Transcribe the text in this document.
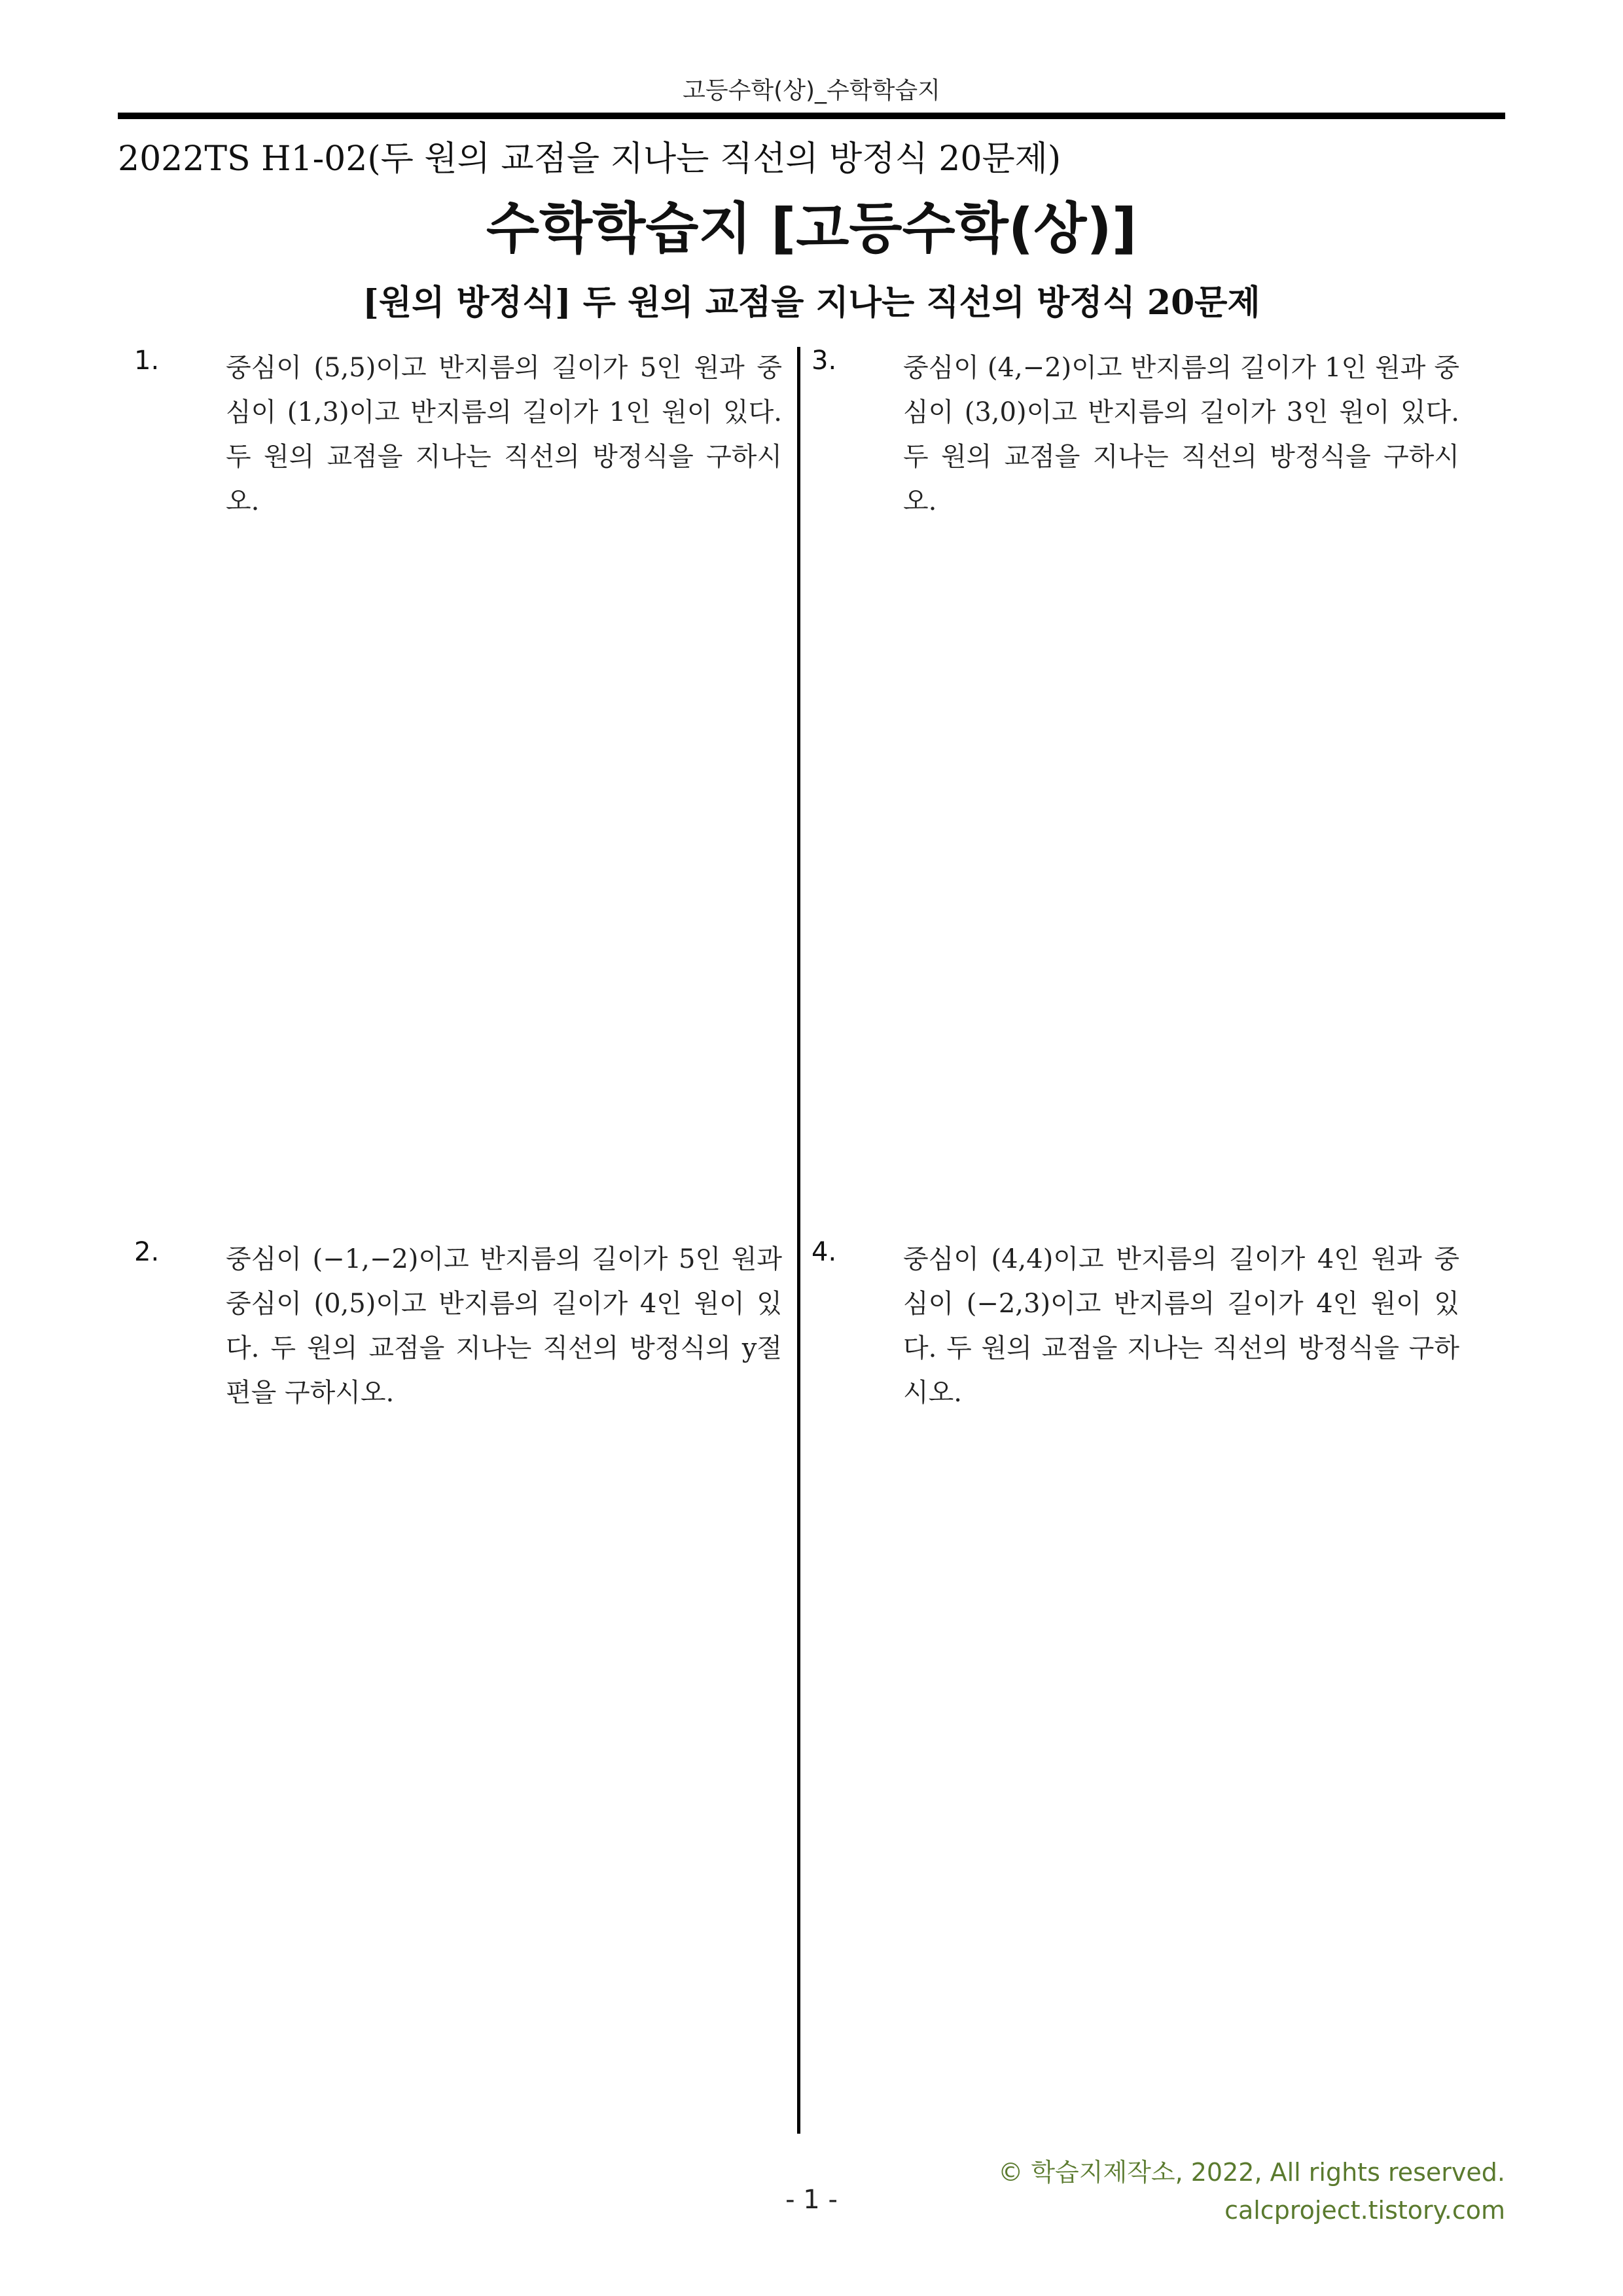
고등수학(상)_수학학습지
2022TS H1-02(두 원의 교점을 지나는 직선의 방정식 20문제)
수학학습지 [고등수학(상)]
[원의 방정식] 두 원의 교점을 지나는 직선의 방정식 20문제
1.	중심이 (5,5)이고 반지름의 길이가 5인 원과 중심이 (1,3)이고 반지름의 길이가 1인 원이 있다. 두 원의 교점을 지나는 직선의 방정식을 구하시오.
2.	중심이 (−1,−2)이고 반지름의 길이가 5인 원과 중심이 (0,5)이고 반지름의 길이가 4인 원이 있다. 두 원의 교점을 지나는 직선의 방정식의 y절편을 구하시오.
3.	중심이 (4,−2)이고 반지름의 길이가 1인 원과 중심이 (3,0)이고 반지름의 길이가 3인 원이 있다. 두 원의 교점을 지나는 직선의 방정식을 구하시오.
4.	중심이 (4,4)이고 반지름의 길이가 4인 원과 중심이 (−2,3)이고 반지름의 길이가 4인 원이 있다. 두 원의 교점을 지나는 직선의 방정식을 구하시오.
© 학습지제작소, 2022, All rights reserved.
calcproject.tistory.com
- 1 -
